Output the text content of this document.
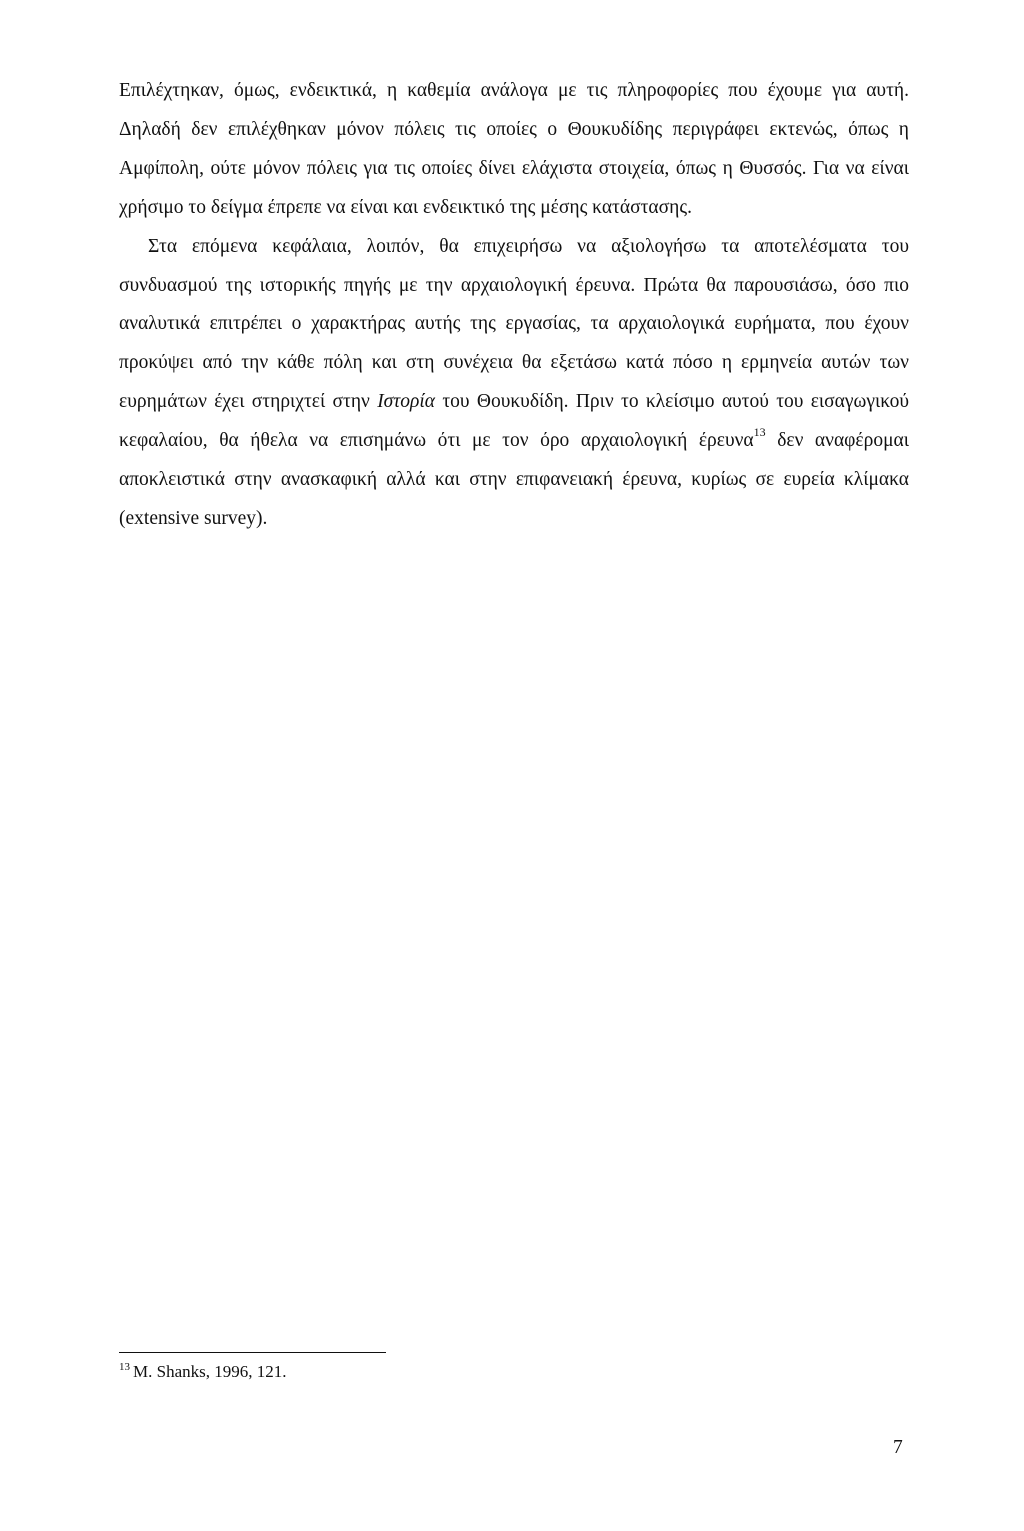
Επιλέχτηκαν, όμως, ενδεικτικά, η καθεμία ανάλογα με τις πληροφορίες που έχουμε για αυτή. Δηλαδή δεν επιλέχθηκαν μόνον πόλεις τις οποίες ο Θουκυδίδης περιγράφει εκτενώς, όπως η Αμφίπολη, ούτε μόνον πόλεις για τις οποίες δίνει ελάχιστα στοιχεία, όπως η Θυσσός. Για να είναι χρήσιμο το δείγμα έπρεπε να είναι και ενδεικτικό της μέσης κατάστασης.

Στα επόμενα κεφάλαια, λοιπόν, θα επιχειρήσω να αξιολογήσω τα αποτελέσματα του συνδυασμού της ιστορικής πηγής με την αρχαιολογική έρευνα. Πρώτα θα παρουσιάσω, όσο πιο αναλυτικά επιτρέπει ο χαρακτήρας αυτής της εργασίας, τα αρχαιολογικά ευρήματα, που έχουν προκύψει από την κάθε πόλη και στη συνέχεια θα εξετάσω κατά πόσο η ερμηνεία αυτών των ευρημάτων έχει στηριχτεί στην Ιστορία του Θουκυδίδη. Πριν το κλείσιμο αυτού του εισαγωγικού κεφαλαίου, θα ήθελα να επισημάνω ότι με τον όρο αρχαιολογική έρευνα$^{13}$ δεν αναφέρομαι αποκλειστικά στην ανασκαφική αλλά και στην επιφανειακή έρευνα, κυρίως σε ευρεία κλίμακα (extensive survey).

$^{13}$ M. Shanks, 1996, 121.
7
